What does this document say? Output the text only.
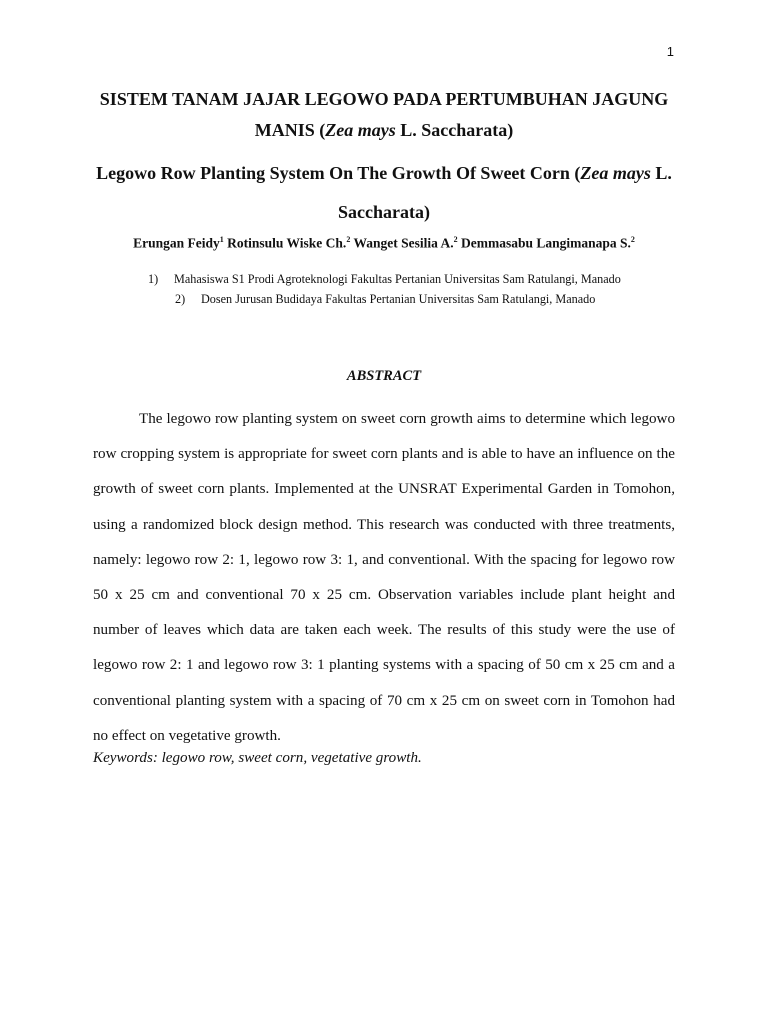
1
SISTEM TANAM JAJAR LEGOWO PADA PERTUMBUHAN JAGUNG
MANIS (Zea mays L. Saccharata)
Legowo Row Planting System On The Growth Of Sweet Corn (Zea mays L. Saccharata)
Erungan Feidy$^1$ Rotinsulu Wiske Ch.$^2$ Wanget Sesilia A.$^2$ Demmasabu Langimanapa S.$^2$
1) Mahasiswa S1 Prodi Agroteknologi Fakultas Pertanian Universitas Sam Ratulangi, Manado
2) Dosen Jurusan Budidaya Fakultas Pertanian Universitas Sam Ratulangi, Manado
ABSTRACT

The legowo row planting system on sweet corn growth aims to determine which legowo row cropping system is appropriate for sweet corn plants and is able to have an influence on the growth of sweet corn plants. Implemented at the UNSRAT Experimental Garden in Tomohon, using a randomized block design method. This research was conducted with three treatments, namely: legowo row 2: 1, legowo row 3: 1, and conventional. With the spacing for legowo row 50 x 25 cm and conventional 70 x 25 cm. Observation variables include plant height and number of leaves which data are taken each week. The results of this study were the use of legowo row 2: 1 and legowo row 3: 1 planting systems with a spacing of 50 cm x 25 cm and a conventional planting system with a spacing of 70 cm x 25 cm on sweet corn in Tomohon had no effect on vegetative growth.

Keywords: legowo row, sweet corn, vegetative growth.
